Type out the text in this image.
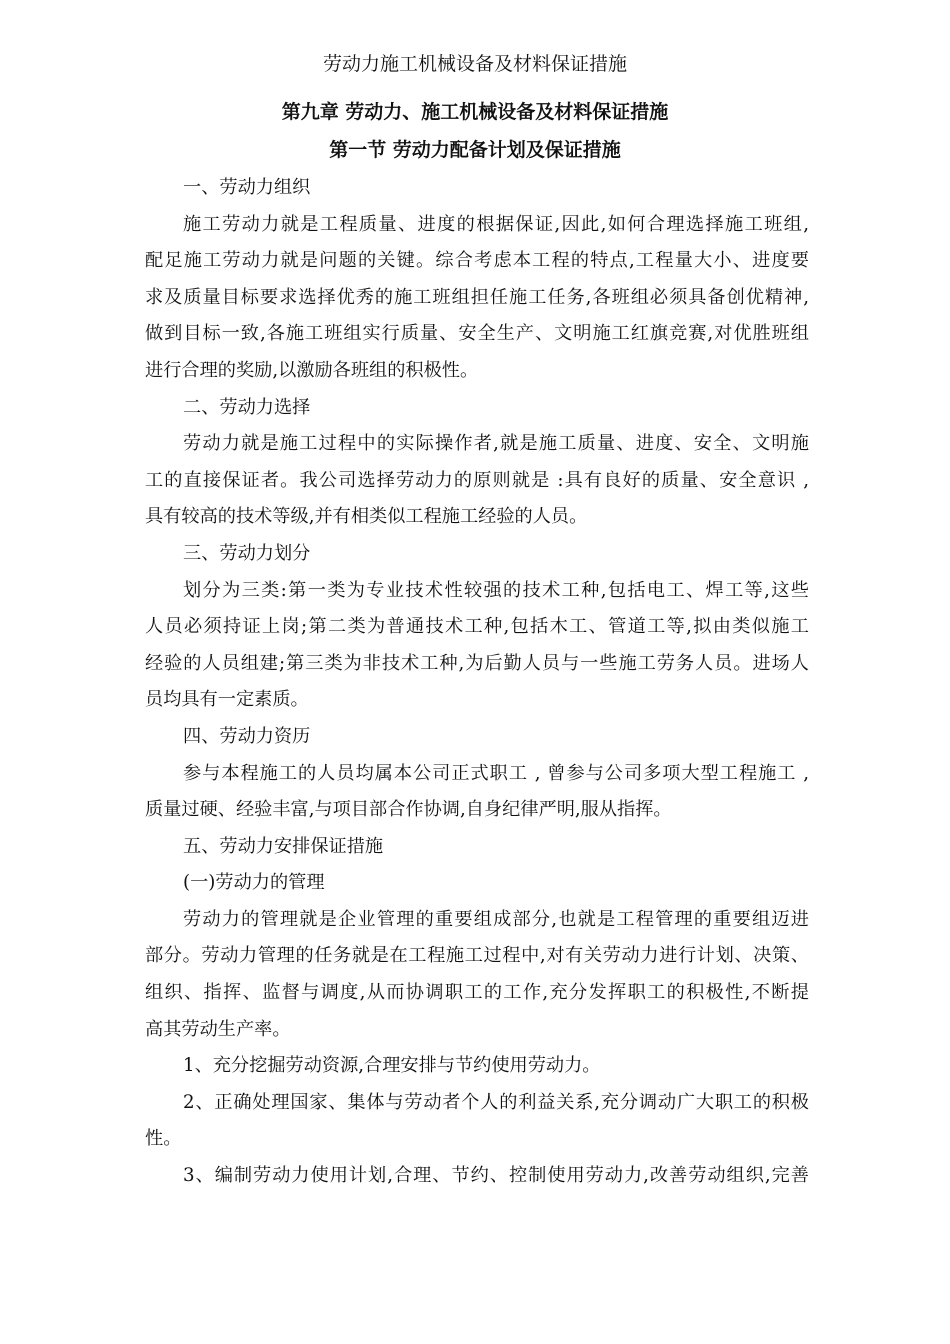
劳动力施工机械设备及材料保证措施
第九章 劳动力、施工机械设备及材料保证措施
第一节 劳动力配备计划及保证措施
一、劳动力组织
施工劳动力就是工程质量、进度的根据保证,因此,如何合理选择施工班组,
配足施工劳动力就是问题的关键。综合考虑本工程的特点,工程量大小、进度要
求及质量目标要求选择优秀的施工班组担任施工任务,各班组必须具备创优精神,
做到目标一致,各施工班组实行质量、安全生产、文明施工红旗竞赛,对优胜班组
进行合理的奖励,以激励各班组的积极性。
二、劳动力选择
劳动力就是施工过程中的实际操作者,就是施工质量、进度、安全、文明施
工的直接保证者。我公司选择劳动力的原则就是 :具有良好的质量、安全意识 ,
具有较高的技术等级,并有相类似工程施工经验的人员。
三、劳动力划分
划分为三类:第一类为专业技术性较强的技术工种,包括电工、焊工等,这些
人员必须持证上岗;第二类为普通技术工种,包括木工、管道工等,拟由类似施工
经验的人员组建;第三类为非技术工种,为后勤人员与一些施工劳务人员。进场人
员均具有一定素质。
四、劳动力资历
参与本程施工的人员均属本公司正式职工 , 曾参与公司多项大型工程施工 ,
质量过硬、经验丰富,与项目部合作协调,自身纪律严明,服从指挥。
五、劳动力安排保证措施
(一)劳动力的管理
劳动力的管理就是企业管理的重要组成部分,也就是工程管理的重要组迈进
部分。劳动力管理的任务就是在工程施工过程中,对有关劳动力进行计划、决策、
组织、指挥、监督与调度,从而协调职工的工作,充分发挥职工的积极性,不断提
高其劳动生产率。
1、充分挖掘劳动资源,合理安排与节约使用劳动力。
2、正确处理国家、集体与劳动者个人的利益关系,充分调动广大职工的积极
性。
3、编制劳动力使用计划,合理、节约、控制使用劳动力,改善劳动组织,完善
